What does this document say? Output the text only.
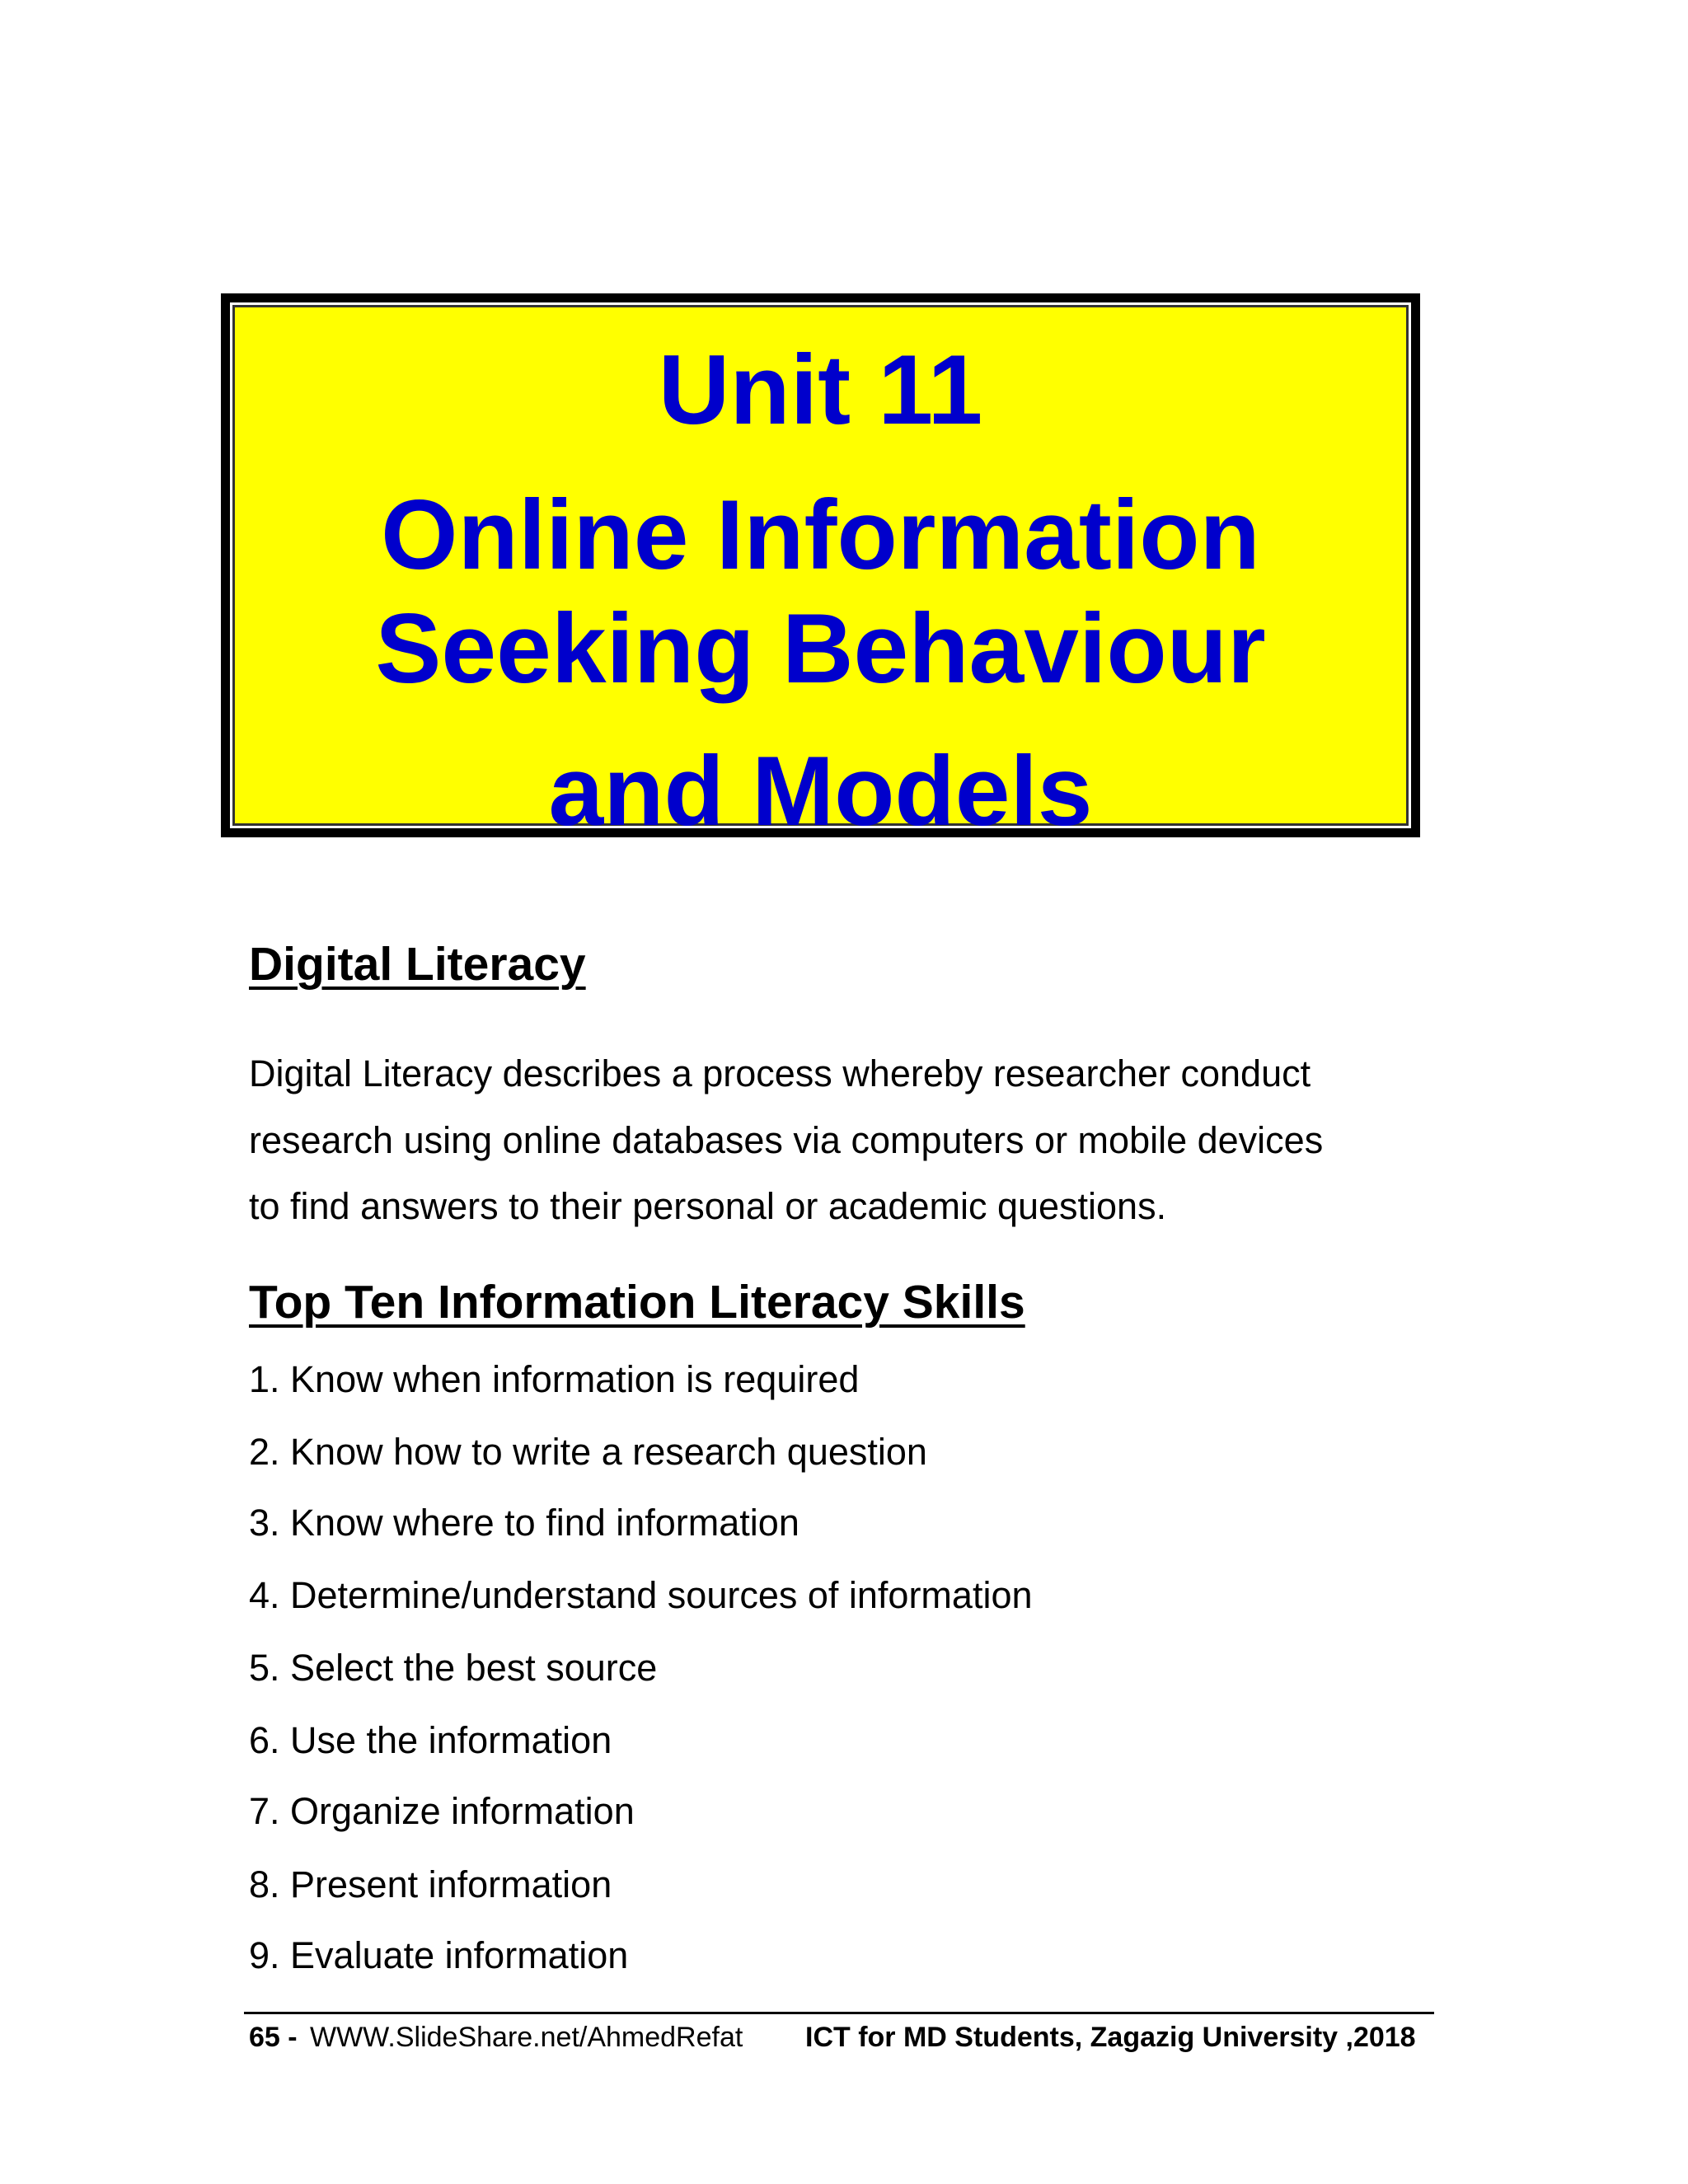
Unit 11
Online Information
Seeking Behaviour
and Models
Digital Literacy
Digital Literacy describes a process whereby researcher conduct
research using online databases via computers or mobile devices
to find answers to their personal or academic questions.
Top Ten Information Literacy Skills
1. Know when information is required
2. Know how to write a research question
3. Know where to find information
4. Determine/understand sources of information
5. Select the best source
6. Use the information
7. Organize information
8. Present information
9. Evaluate information
65 - WWW.SlideShare.net/AhmedRefat ICT for MD Students, Zagazig University ,2018
